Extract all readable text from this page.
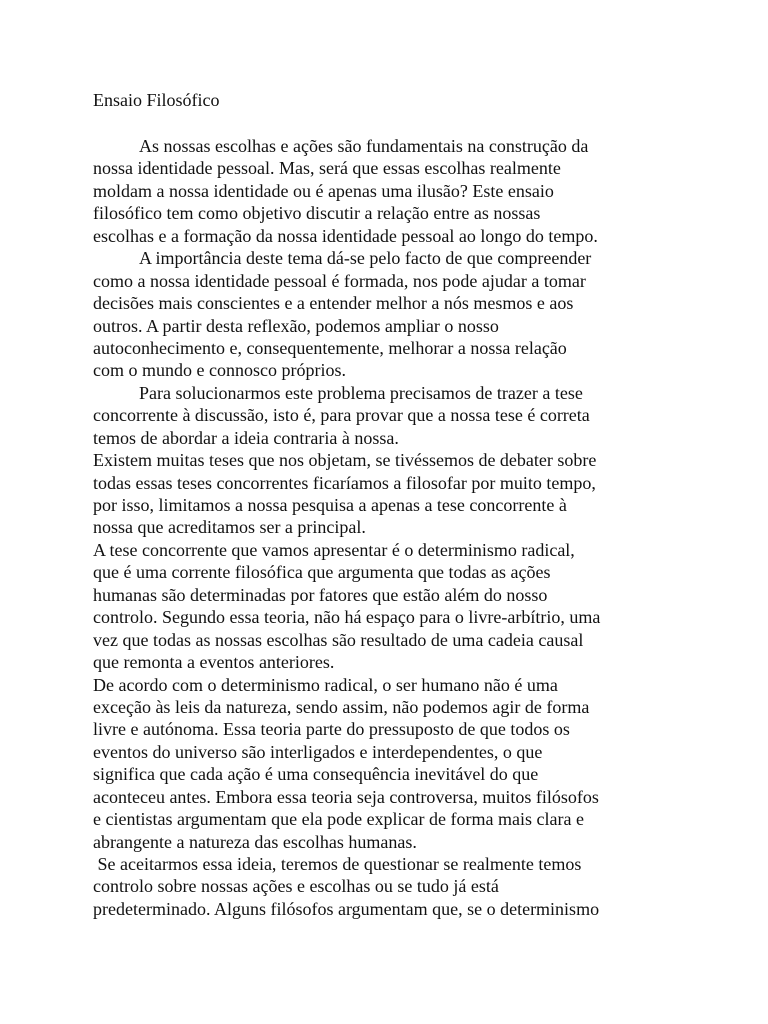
Ensaio Filosófico
As nossas escolhas e ações são fundamentais na construção da
nossa identidade pessoal. Mas, será que essas escolhas realmente
moldam a nossa identidade ou é apenas uma ilusão? Este ensaio
filosófico tem como objetivo discutir a relação entre as nossas
escolhas e a formação da nossa identidade pessoal ao longo do tempo.
A importância deste tema dá-se pelo facto de que compreender
como a nossa identidade pessoal é formada, nos pode ajudar a tomar
decisões mais conscientes e a entender melhor a nós mesmos e aos
outros. A partir desta reflexão, podemos ampliar o nosso
autoconhecimento e, consequentemente, melhorar a nossa relação
com o mundo e connosco próprios.
Para solucionarmos este problema precisamos de trazer a tese
concorrente à discussão, isto é, para provar que a nossa tese é correta
temos de abordar a ideia contraria à nossa.
Existem muitas teses que nos objetam, se tivéssemos de debater sobre
todas essas teses concorrentes ficaríamos a filosofar por muito tempo,
por isso, limitamos a nossa pesquisa a apenas a tese concorrente à
nossa que acreditamos ser a principal.
A tese concorrente que vamos apresentar é o determinismo radical,
que é uma corrente filosófica que argumenta que todas as ações
humanas são determinadas por fatores que estão além do nosso
controlo. Segundo essa teoria, não há espaço para o livre-arbítrio, uma
vez que todas as nossas escolhas são resultado de uma cadeia causal
que remonta a eventos anteriores.
De acordo com o determinismo radical, o ser humano não é uma
exceção às leis da natureza, sendo assim, não podemos agir de forma
livre e autónoma. Essa teoria parte do pressuposto de que todos os
eventos do universo são interligados e interdependentes, o que
significa que cada ação é uma consequência inevitável do que
aconteceu antes. Embora essa teoria seja controversa, muitos filósofos
e cientistas argumentam que ela pode explicar de forma mais clara e
abrangente a natureza das escolhas humanas.
Se aceitarmos essa ideia, teremos de questionar se realmente temos
controlo sobre nossas ações e escolhas ou se tudo já está
predeterminado. Alguns filósofos argumentam que, se o determinismo
